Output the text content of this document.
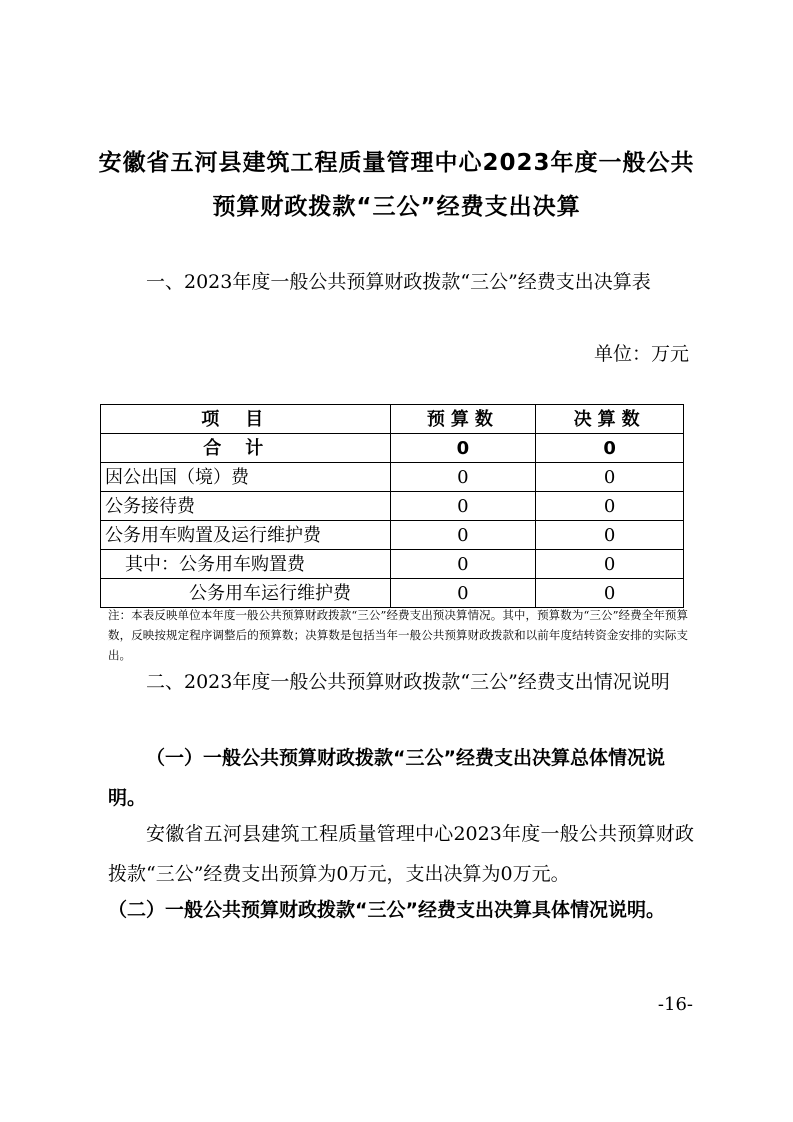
安徽省五河县建筑工程质量管理中心2023年度一般公共
预算财政拨款“三公”经费支出决算
一、2023年度一般公共预算财政拨款“三公”经费支出决算表
单位：万元
项目	预算数	决算数
合计	0	0
因公出国（境）费	0	0
公务接待费	0	0
公务用车购置及运行维护费	0	0
其中：公务用车购置费	0	0
公务用车运行维护费	0	0
注：本表反映单位本年度一般公共预算财政拨款“三公”经费支出预决算情况。其中，预算数为“三公”经费全年预算数，反映按规定程序调整后的预算数；决算数是包括当年一般公共预算财政拨款和以前年度结转资金安排的实际支出。
二、2023年度一般公共预算财政拨款“三公”经费支出情况说明
（一）一般公共预算财政拨款“三公”经费支出决算总体情况说明。
安徽省五河县建筑工程质量管理中心2023年度一般公共预算财政拨款“三公”经费支出预算为0万元，支出决算为0万元。
（二）一般公共预算财政拨款“三公”经费支出决算具体情况说明。
-16-
